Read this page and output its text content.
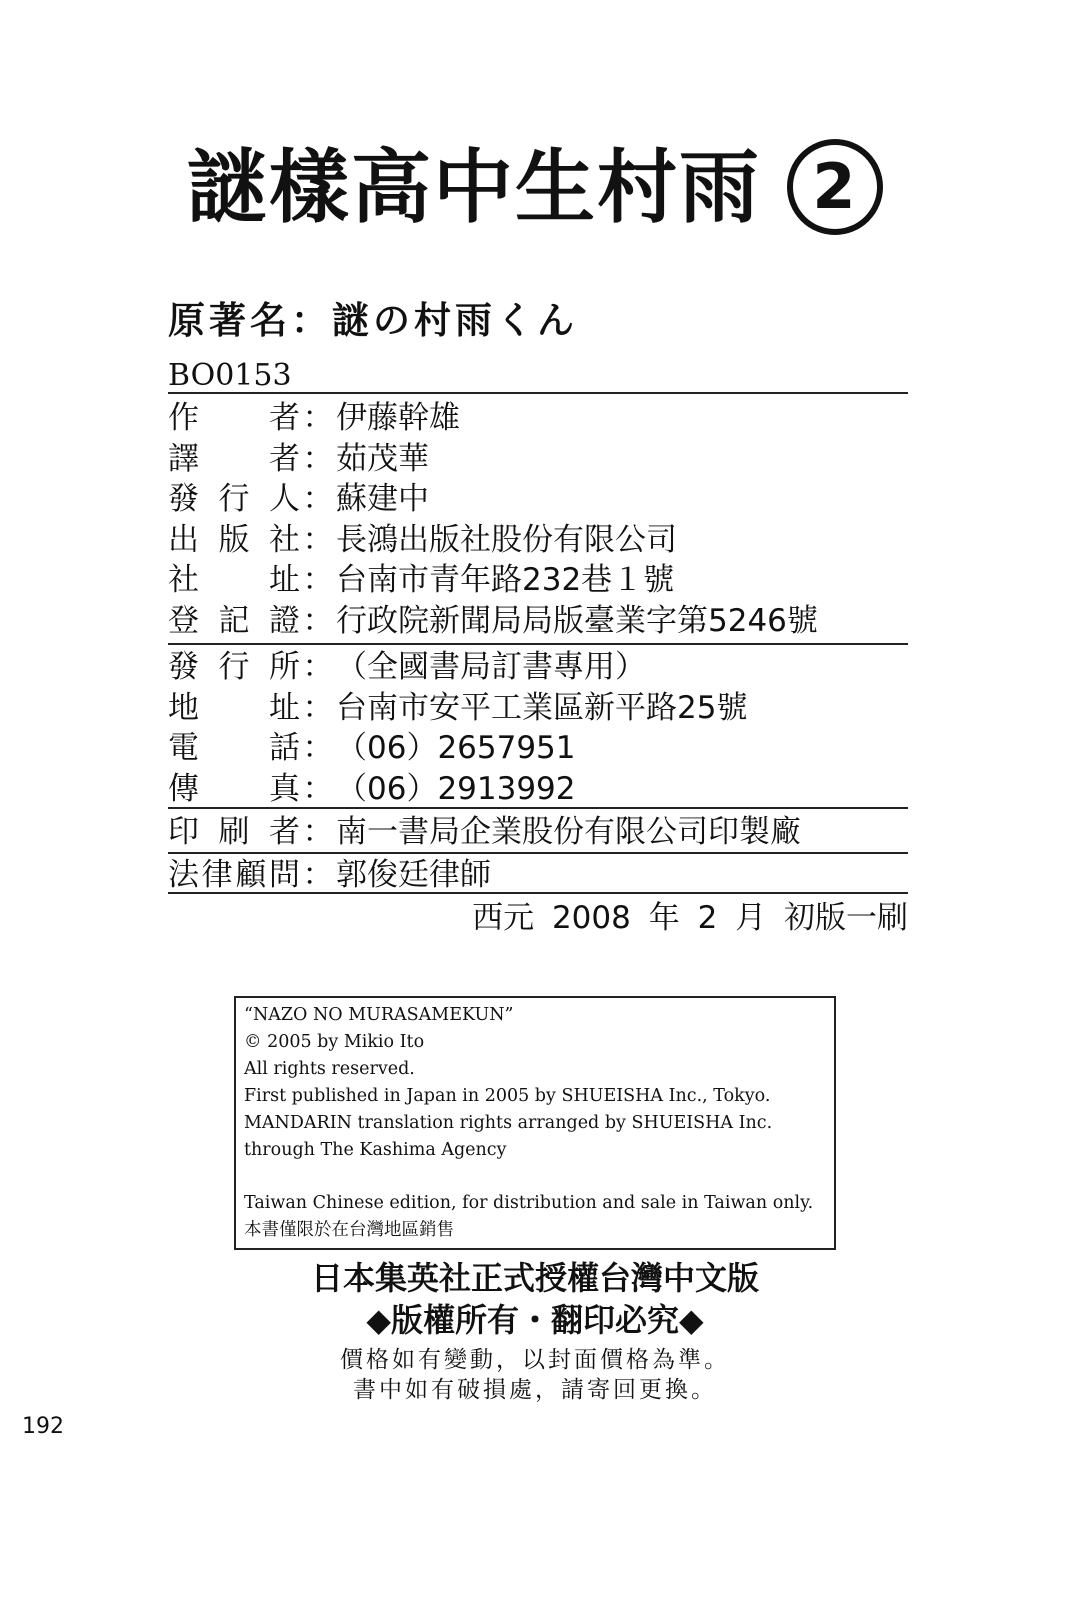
謎樣高中生村雨 2
原著名：謎の村雨くん
BO0153
作 者 ： 伊藤幹雄
譯 者 ： 茹茂華
發 行 人 ： 蘇建中
出 版 社 ： 長鴻出版社股份有限公司
社 址 ： 台南市青年路232巷１號
登 記 證 ： 行政院新聞局局版臺業字第5246號
發 行 所 ： （全國書局訂書專用）
地 址 ： 台南市安平工業區新平路25號
電 話 ： （06）2657951
傳 真 ： （06）2913992
印 刷 者 ： 南一書局企業股份有限公司印製廠
法 律 顧 問 ： 郭俊廷律師
西元 2008 年 2 月 初版一刷
“NAZO NO MURASAMEKUN”
© 2005 by Mikio Ito
All rights reserved.
First published in Japan in 2005 by SHUEISHA Inc., Tokyo.
MANDARIN translation rights arranged by SHUEISHA Inc.
through The Kashima Agency
Taiwan Chinese edition, for distribution and sale in Taiwan only.
本書僅限於在台灣地區銷售
日本集英社正式授權台灣中文版
◆版權所有・翻印必究◆
價格如有變動，以封面價格為準。
書中如有破損處，請寄回更換。
192
